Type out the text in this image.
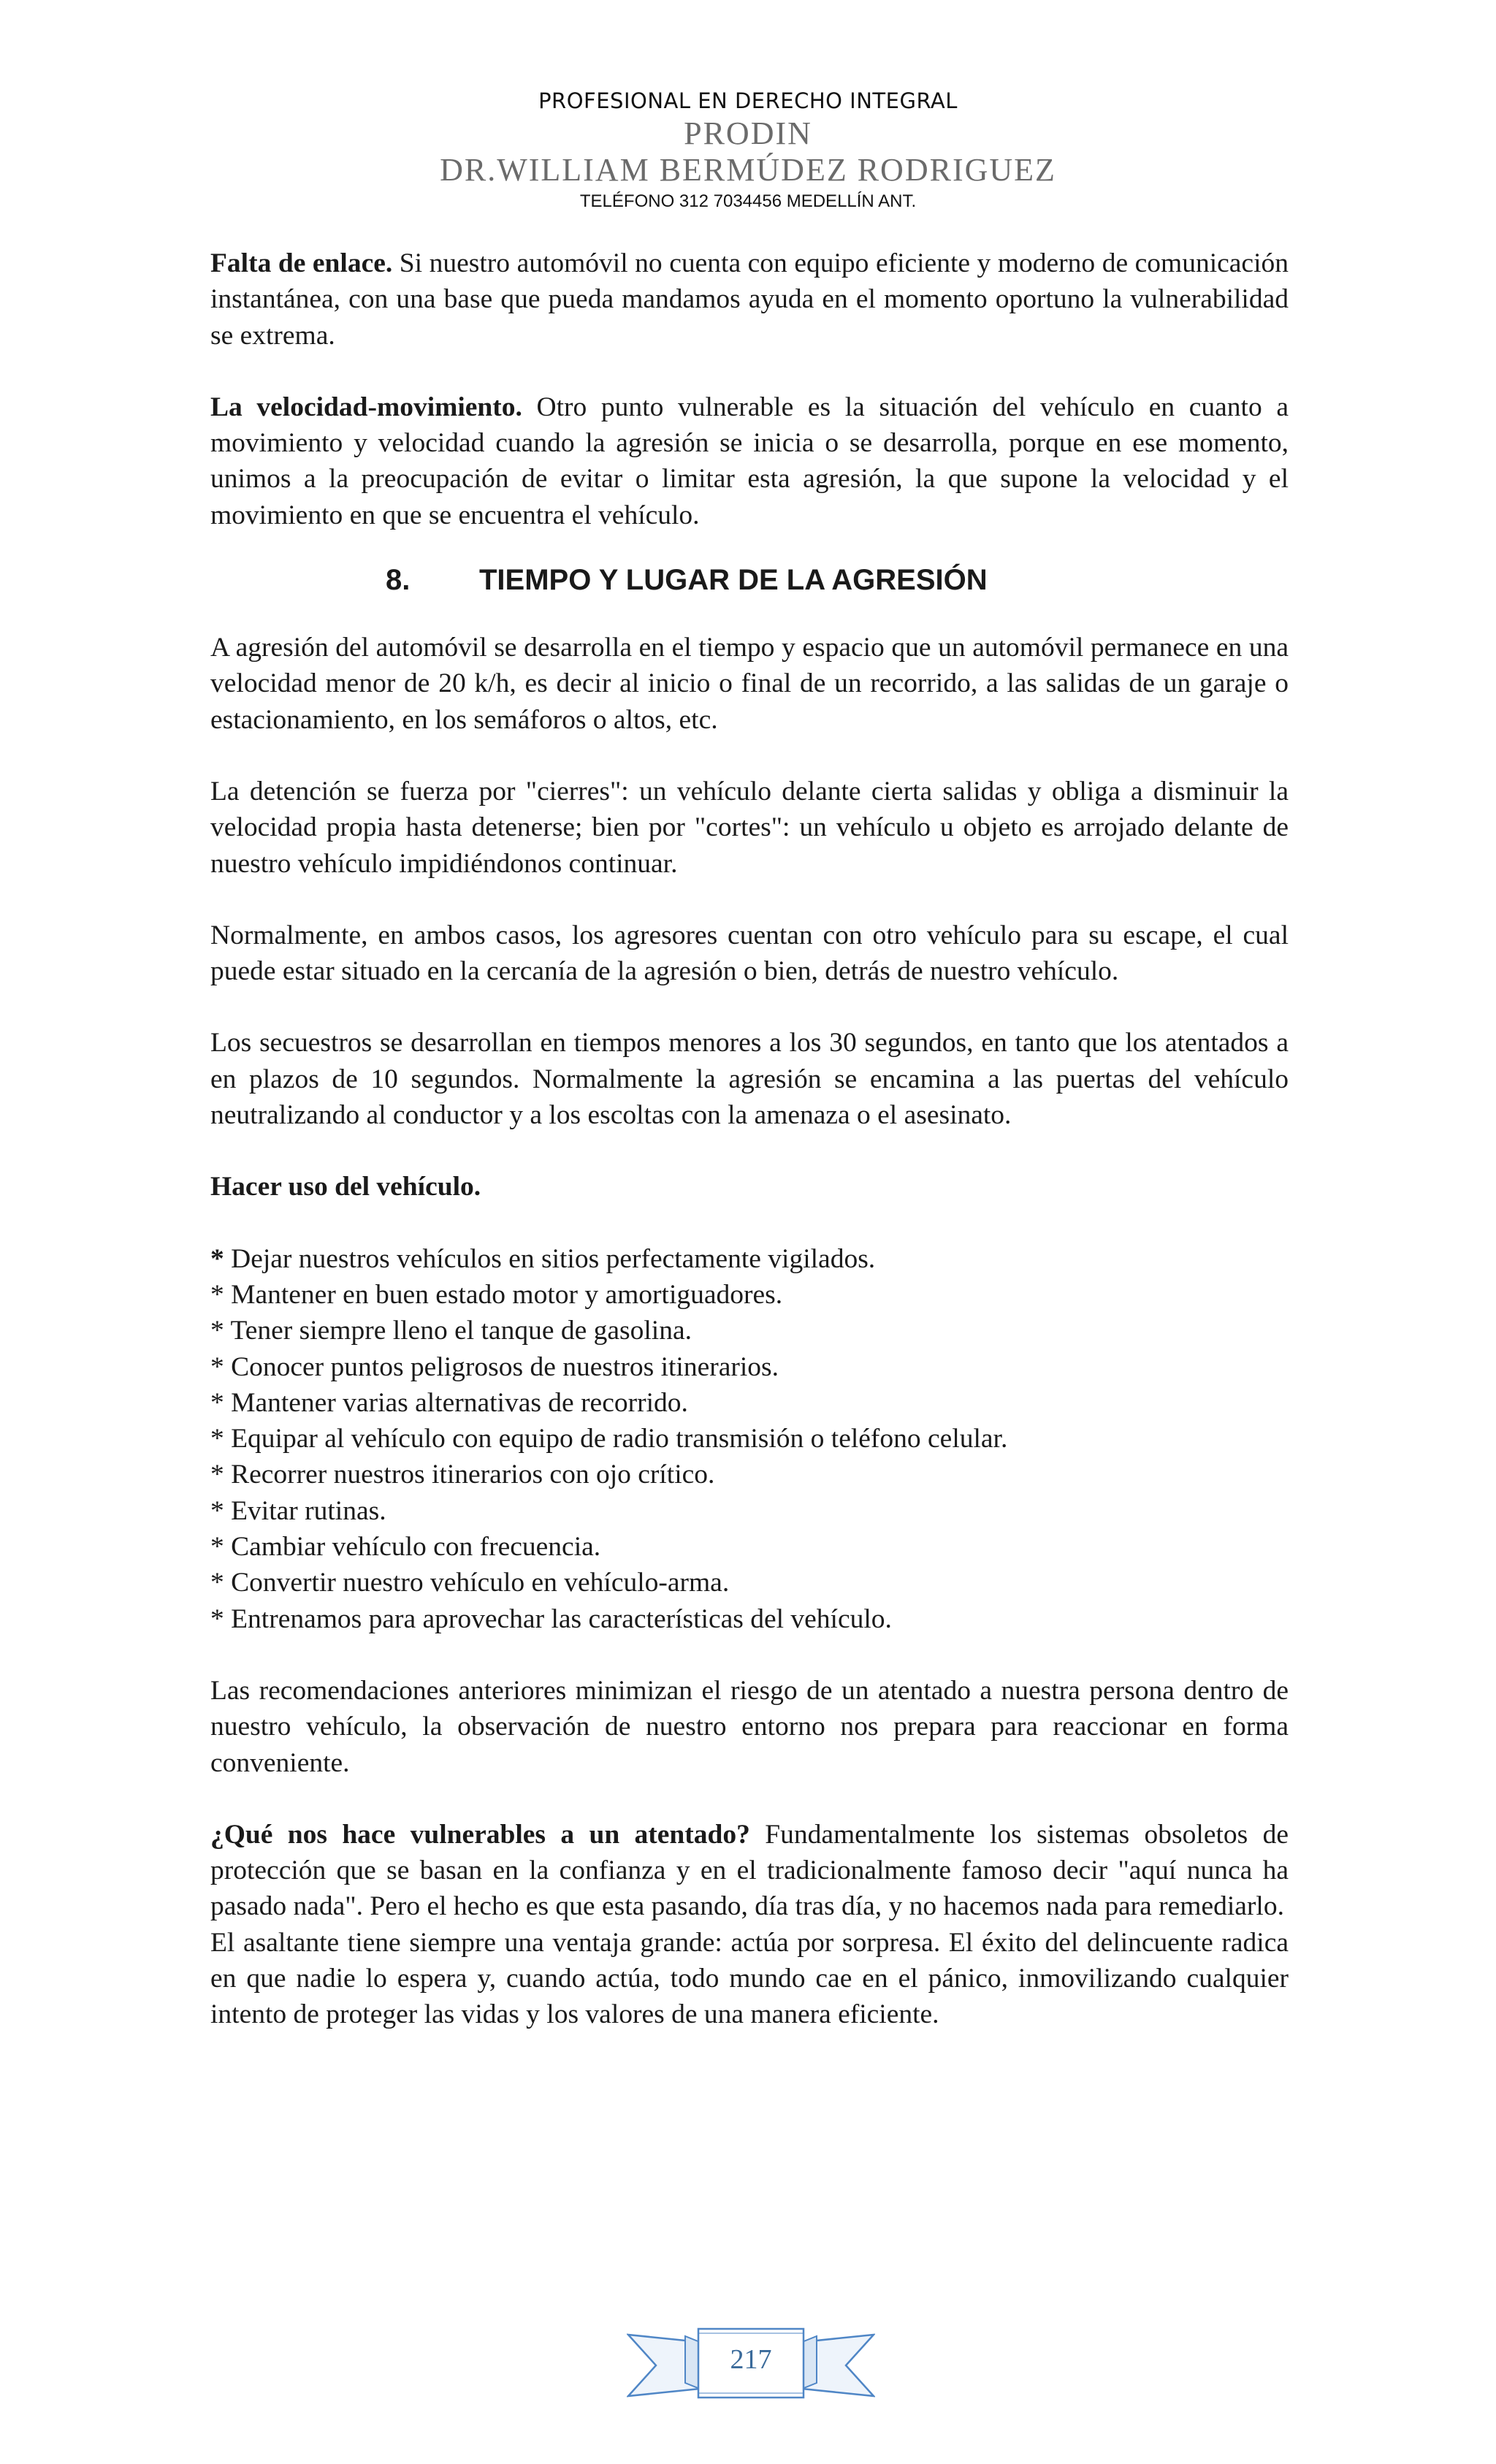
PROFESIONAL EN DERECHO INTEGRAL
PRODIN
DR.WILLIAM BERMÚDEZ RODRIGUEZ
TELÉFONO 312 7034456 MEDELLÍN ANT.

Falta de enlace. Si nuestro automóvil no cuenta con equipo eficiente y moderno de comunicación instantánea, con una base que pueda mandamos ayuda en el momento oportuno la vulnerabilidad se extrema.

La velocidad-movimiento. Otro punto vulnerable es la situación del vehículo en cuanto a movimiento y velocidad cuando la agresión se inicia o se desarrolla, porque en ese momento, unimos a la preocupación de evitar o limitar esta agresión, la que supone la velocidad y el movimiento en que se encuentra el vehículo.

8. TIEMPO Y LUGAR DE LA AGRESIÓN

A agresión del automóvil se desarrolla en el tiempo y espacio que un automóvil permanece en una velocidad menor de 20 k/h, es decir al inicio o final de un recorrido, a las salidas de un garaje o estacionamiento, en los semáforos o altos, etc.

La detención se fuerza por "cierres": un vehículo delante cierta salidas y obliga a disminuir la velocidad propia hasta detenerse; bien por "cortes": un vehículo u objeto es arrojado delante de nuestro vehículo impidiéndonos continuar.

Normalmente, en ambos casos, los agresores cuentan con otro vehículo para su escape, el cual puede estar situado en la cercanía de la agresión o bien, detrás de nuestro vehículo.

Los secuestros se desarrollan en tiempos menores a los 30 segundos, en tanto que los atentados a en plazos de 10 segundos. Normalmente la agresión se encamina a las puertas del vehículo neutralizando al conductor y a los escoltas con la amenaza o el asesinato.

Hacer uso del vehículo.

* Dejar nuestros vehículos en sitios perfectamente vigilados.

* Mantener en buen estado motor y amortiguadores.

* Tener siempre lleno el tanque de gasolina.

* Conocer puntos peligrosos de nuestros itinerarios.

* Mantener varias alternativas de recorrido.

* Equipar al vehículo con equipo de radio transmisión o teléfono celular.

* Recorrer nuestros itinerarios con ojo crítico.

* Evitar rutinas.

* Cambiar vehículo con frecuencia.

* Convertir nuestro vehículo en vehículo-arma.

* Entrenamos para aprovechar las características del vehículo.

Las recomendaciones anteriores minimizan el riesgo de un atentado a nuestra persona dentro de nuestro vehículo, la observación de nuestro entorno nos prepara para reaccionar en forma conveniente.

¿Qué nos hace vulnerables a un atentado? Fundamentalmente los sistemas obsoletos de protección que se basan en la confianza y en el tradicionalmente famoso decir "aquí nunca ha pasado nada". Pero el hecho es que esta pasando, día tras día, y no hacemos nada para remediarlo.

El asaltante tiene siempre una ventaja grande: actúa por sorpresa. El éxito del delincuente radica en que nadie lo espera y, cuando actúa, todo mundo cae en el pánico, inmovilizando cualquier intento de proteger las vidas y los valores de una manera eficiente.

217
